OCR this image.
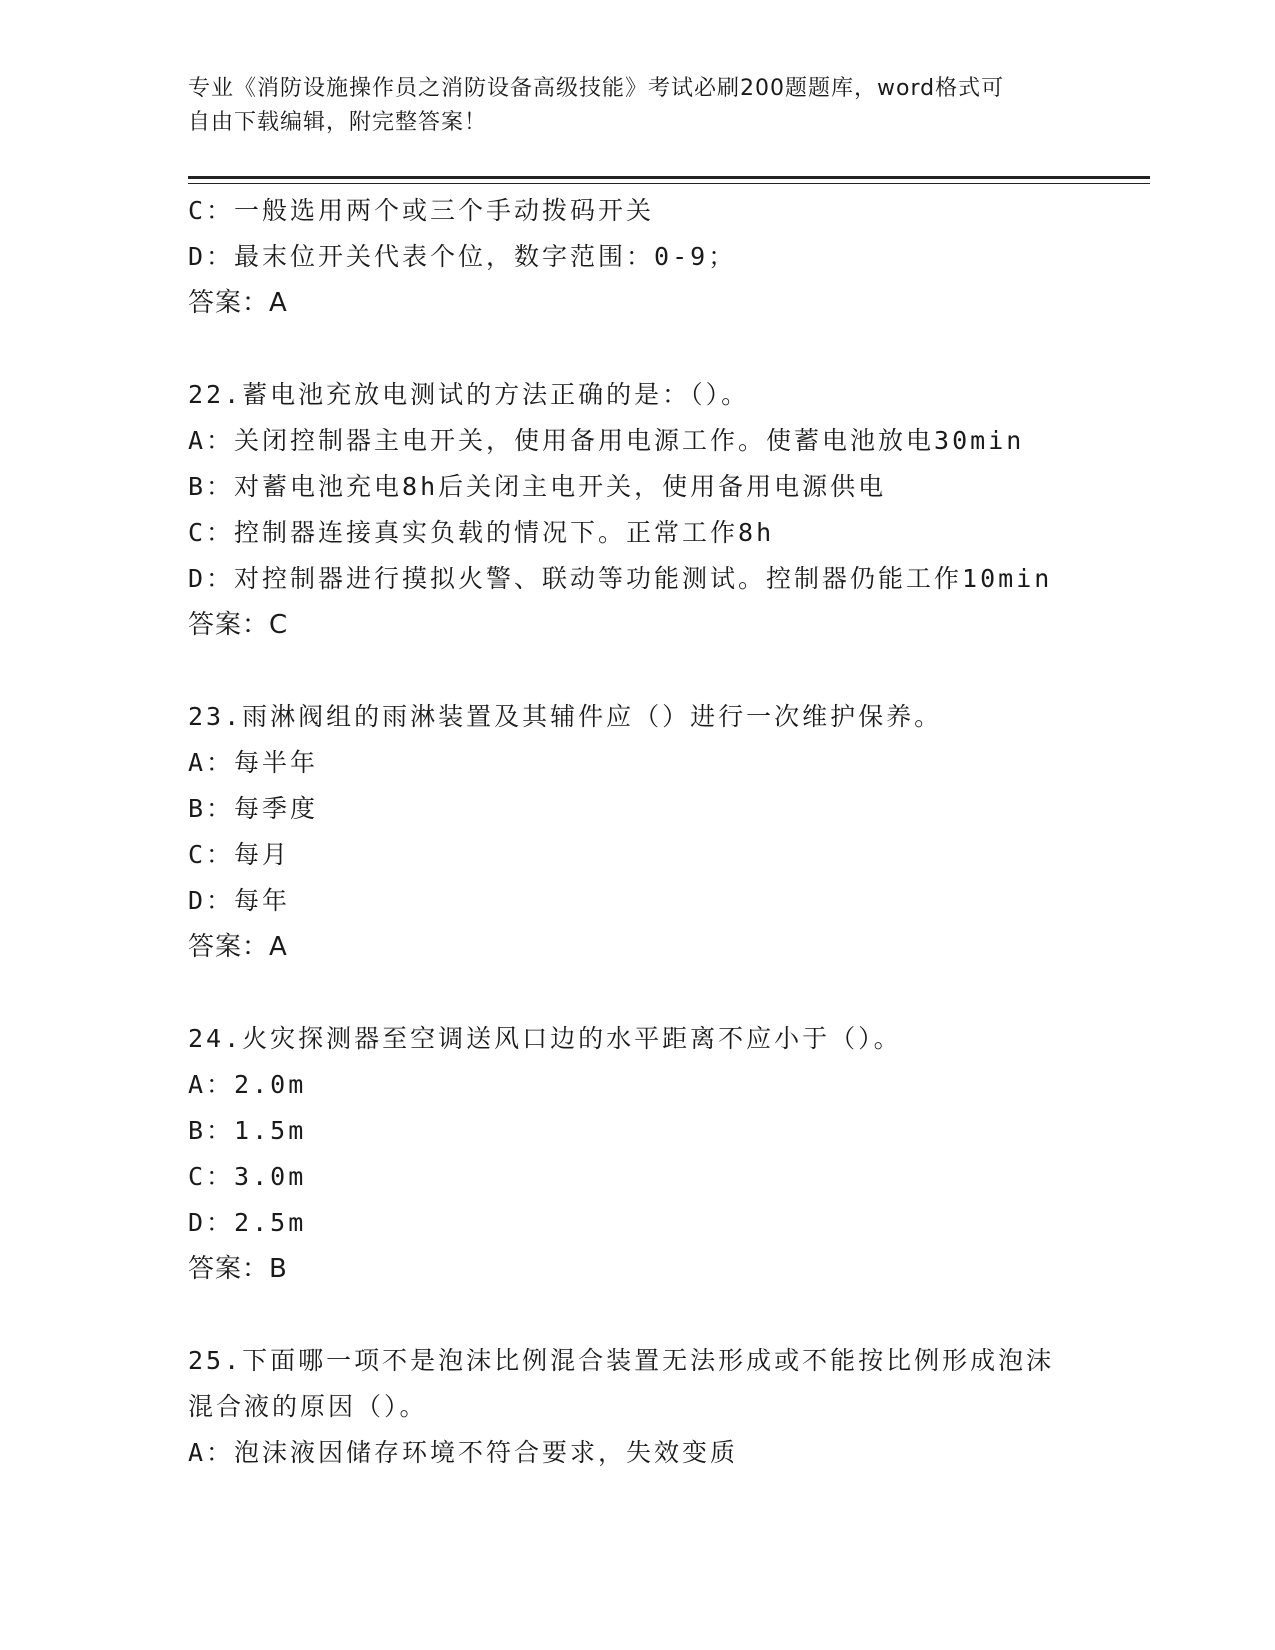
专业《消防设施操作员之消防设备高级技能》考试必刷200题题库，word格式可

自由下载编辑，附完整答案！

C：一般选用两个或三个手动拨码开关
D：最末位开关代表个位，数字范围：0-9；
答案：A
22.蓄电池充放电测试的方法正确的是：（）。
A：关闭控制器主电开关，使用备用电源工作。使蓄电池放电30min
B：对蓄电池充电8h后关闭主电开关，使用备用电源供电
C：控制器连接真实负载的情况下。正常工作8h
D：对控制器进行摸拟火警、联动等功能测试。控制器仍能工作10min
答案：C
23.雨淋阀组的雨淋装置及其辅件应（）进行一次维护保养。
A：每半年
B：每季度
C：每月
D：每年
答案：A
24.火灾探测器至空调送风口边的水平距离不应小于（）。
A：2.0m
B：1.5m
C：3.0m
D：2.5m
答案：B
25.下面哪一项不是泡沫比例混合装置无法形成或不能按比例形成泡沫
混合液的原因（）。
A：泡沫液因储存环境不符合要求，失效变质
